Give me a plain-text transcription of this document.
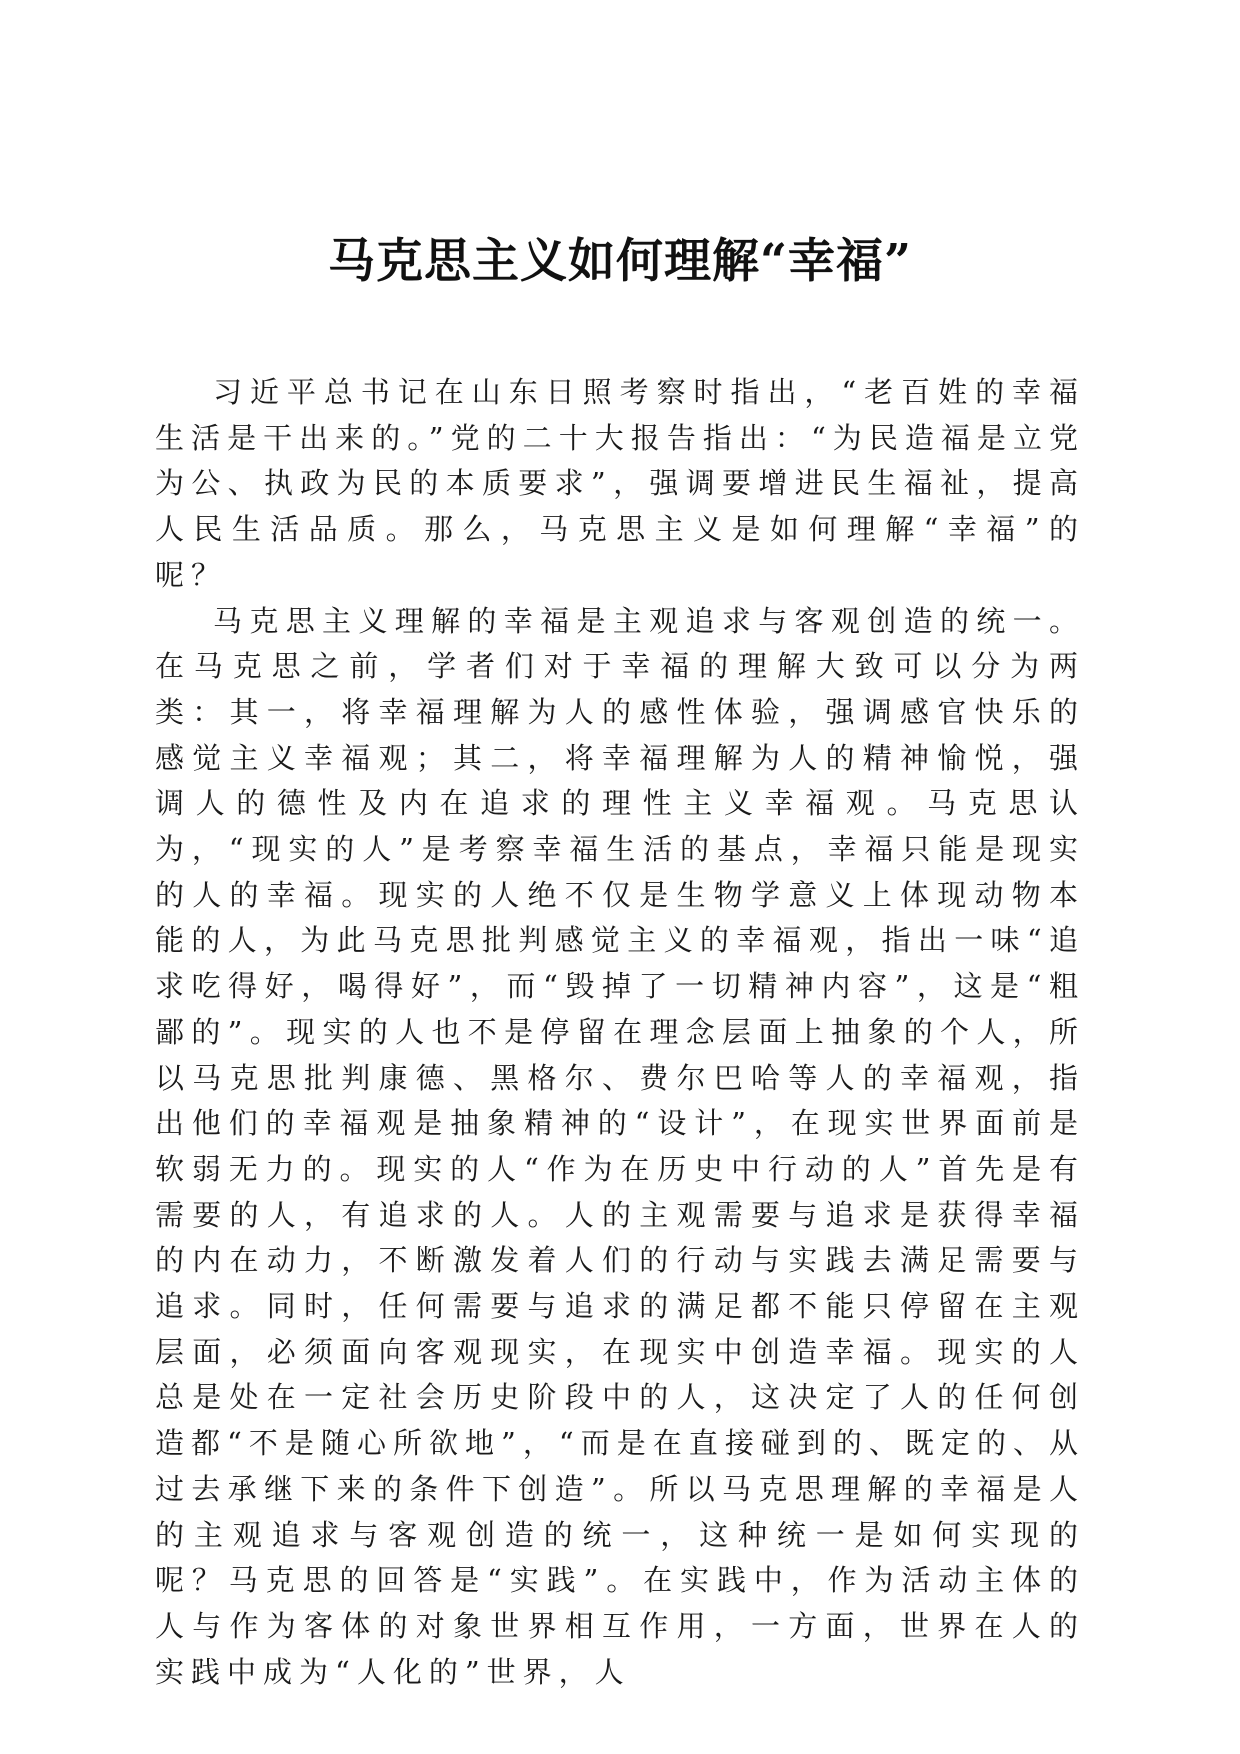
马克思主义如何理解“幸福”

习近平总书记在山东日照考察时指出，“老百姓的幸福生活是干出来的。”党的二十大报告指出：“为民造福是立党为公、执政为民的本质要求”，强调要增进民生福祉，提高人民生活品质。那么，马克思主义是如何理解“幸福”的呢？

马克思主义理解的幸福是主观追求与客观创造的统一。在马克思之前，学者们对于幸福的理解大致可以分为两类：其一，将幸福理解为人的感性体验，强调感官快乐的感觉主义幸福观；其二，将幸福理解为人的精神愉悦，强调人的德性及内在追求的理性主义幸福观。马克思认为，“现实的人”是考察幸福生活的基点，幸福只能是现实的人的幸福。现实的人绝不仅是生物学意义上体现动物本能的人，为此马克思批判感觉主义的幸福观，指出一味“追求吃得好，喝得好”，而“毁掉了一切精神内容”，这是“粗鄙的”。现实的人也不是停留在理念层面上抽象的个人，所以马克思批判康德、黑格尔、费尔巴哈等人的幸福观，指出他们的幸福观是抽象精神的“设计”，在现实世界面前是软弱无力的。现实的人“作为在历史中行动的人”首先是有需要的人，有追求的人。人的主观需要与追求是获得幸福的内在动力，不断激发着人们的行动与实践去满足需要与追求。同时，任何需要与追求的满足都不能只停留在主观层面，必须面向客观现实，在现实中创造幸福。现实的人总是处在一定社会历史阶段中的人，这决定了人的任何创造都“不是随心所欲地”，“而是在直接碰到的、既定的、从过去承继下来的条件下创造”。所以马克思理解的幸福是人的主观追求与客观创造的统一，这种统一是如何实现的呢？马克思的回答是“实践”。在实践中，作为活动主体的人与作为客体的对象世界相互作用，一方面，世界在人的实践中成为“人化的”世界，人
